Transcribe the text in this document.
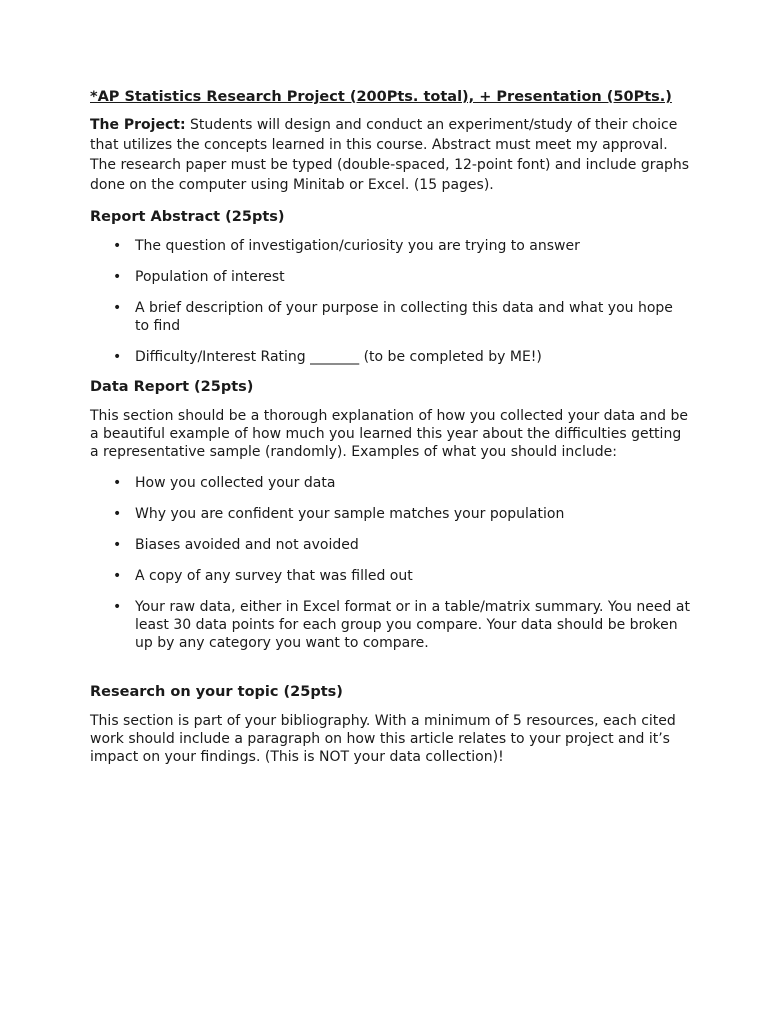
*AP Statistics Research Project (200Pts. total), + Presentation (50Pts.)

The Project: Students will design and conduct an experiment/study of their choice that utilizes the concepts learned in this course. Abstract must meet my approval. The research paper must be typed (double-spaced, 12-point font) and include graphs done on the computer using Minitab or Excel. (15 pages).

Report Abstract (25pts)
• The question of investigation/curiosity you are trying to answer
• Population of interest
• A brief description of your purpose in collecting this data and what you hope to find
• Difficulty/Interest Rating _______ (to be completed by ME!)
Data Report (25pts)

This section should be a thorough explanation of how you collected your data and be a beautiful example of how much you learned this year about the difficulties getting a representative sample (randomly). Examples of what you should include:

• How you collected your data
• Why you are confident your sample matches your population
• Biases avoided and not avoided
• A copy of any survey that was filled out
• Your raw data, either in Excel format or in a table/matrix summary. You need at least 30 data points for each group you compare. Your data should be broken up by any category you want to compare.
Research on your topic (25pts)

This section is part of your bibliography. With a minimum of 5 resources, each cited work should include a paragraph on how this article relates to your project and it’s impact on your findings. (This is NOT your data collection)!
